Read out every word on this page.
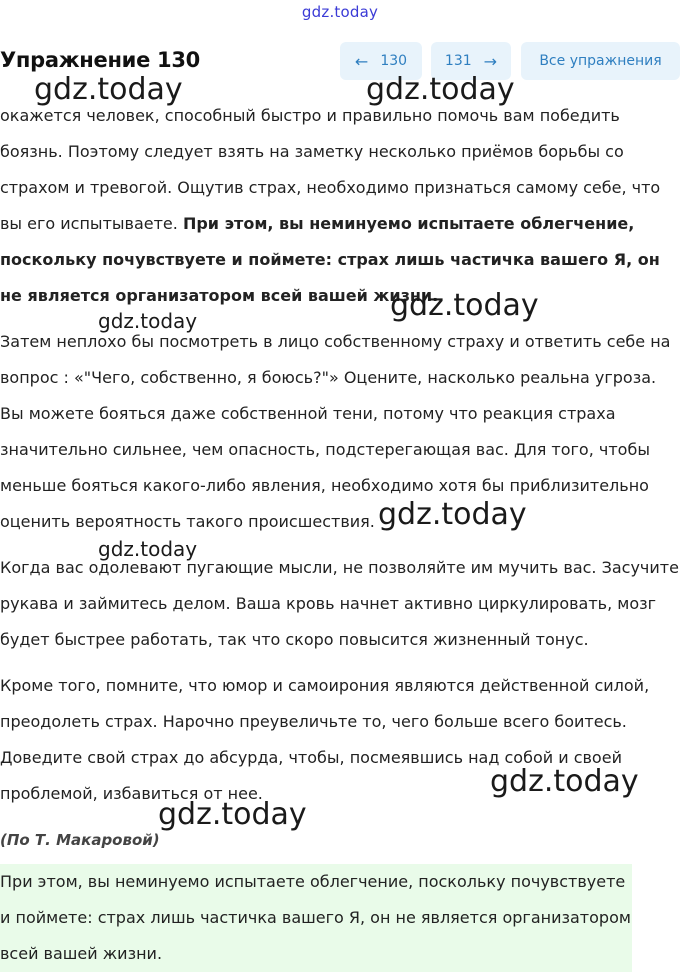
gdz.today
Упражнение 130	← 130	131 →	Все упражнения

окажется человек, способный быстро и правильно помочь вам победить боязнь. Поэтому следует взять на заметку несколько приёмов борьбы со страхом и тревогой. Ощутив страх, необходимо признаться самому себе, что вы его испытываете. При этом, вы неминуемо испытаете облегчение, поскольку почувствуете и поймете: страх лишь частичка вашего Я, он не является организатором всей вашей жизни.

Затем неплохо бы посмотреть в лицо собственному страху и ответить себе на вопрос : «"Чего, собственно, я боюсь?"» Оцените, насколько реальна угроза. Вы можете бояться даже собственной тени, потому что реакция страха значительно сильнее, чем опасность, подстерегающая вас. Для того, чтобы меньше бояться какого-либо явления, необходимо хотя бы приблизительно оценить вероятность такого происшествия.

Когда вас одолевают пугающие мысли, не позволяйте им мучить вас. Засучите рукава и займитесь делом. Ваша кровь начнет активно циркулировать, мозг будет быстрее работать, так что скоро повысится жизненный тонус.

Кроме того, помните, что юмор и самоирония являются действенной силой, преодолеть страх. Нарочно преувеличьте то, чего больше всего боитесь. Доведите свой страх до абсурда, чтобы, посмеявшись над собой и своей проблемой, избавиться от нее.

(По Т. Макаровой)
При этом, вы неминуемо испытаете облегчение, поскольку почувствуете и поймете: страх лишь частичка вашего Я, он не является организатором всей вашей жизни.
gdz.today	gdz.today
gdz.today
gdz.today
gdz.today
gdz.today
gdz.today
gdz.today
